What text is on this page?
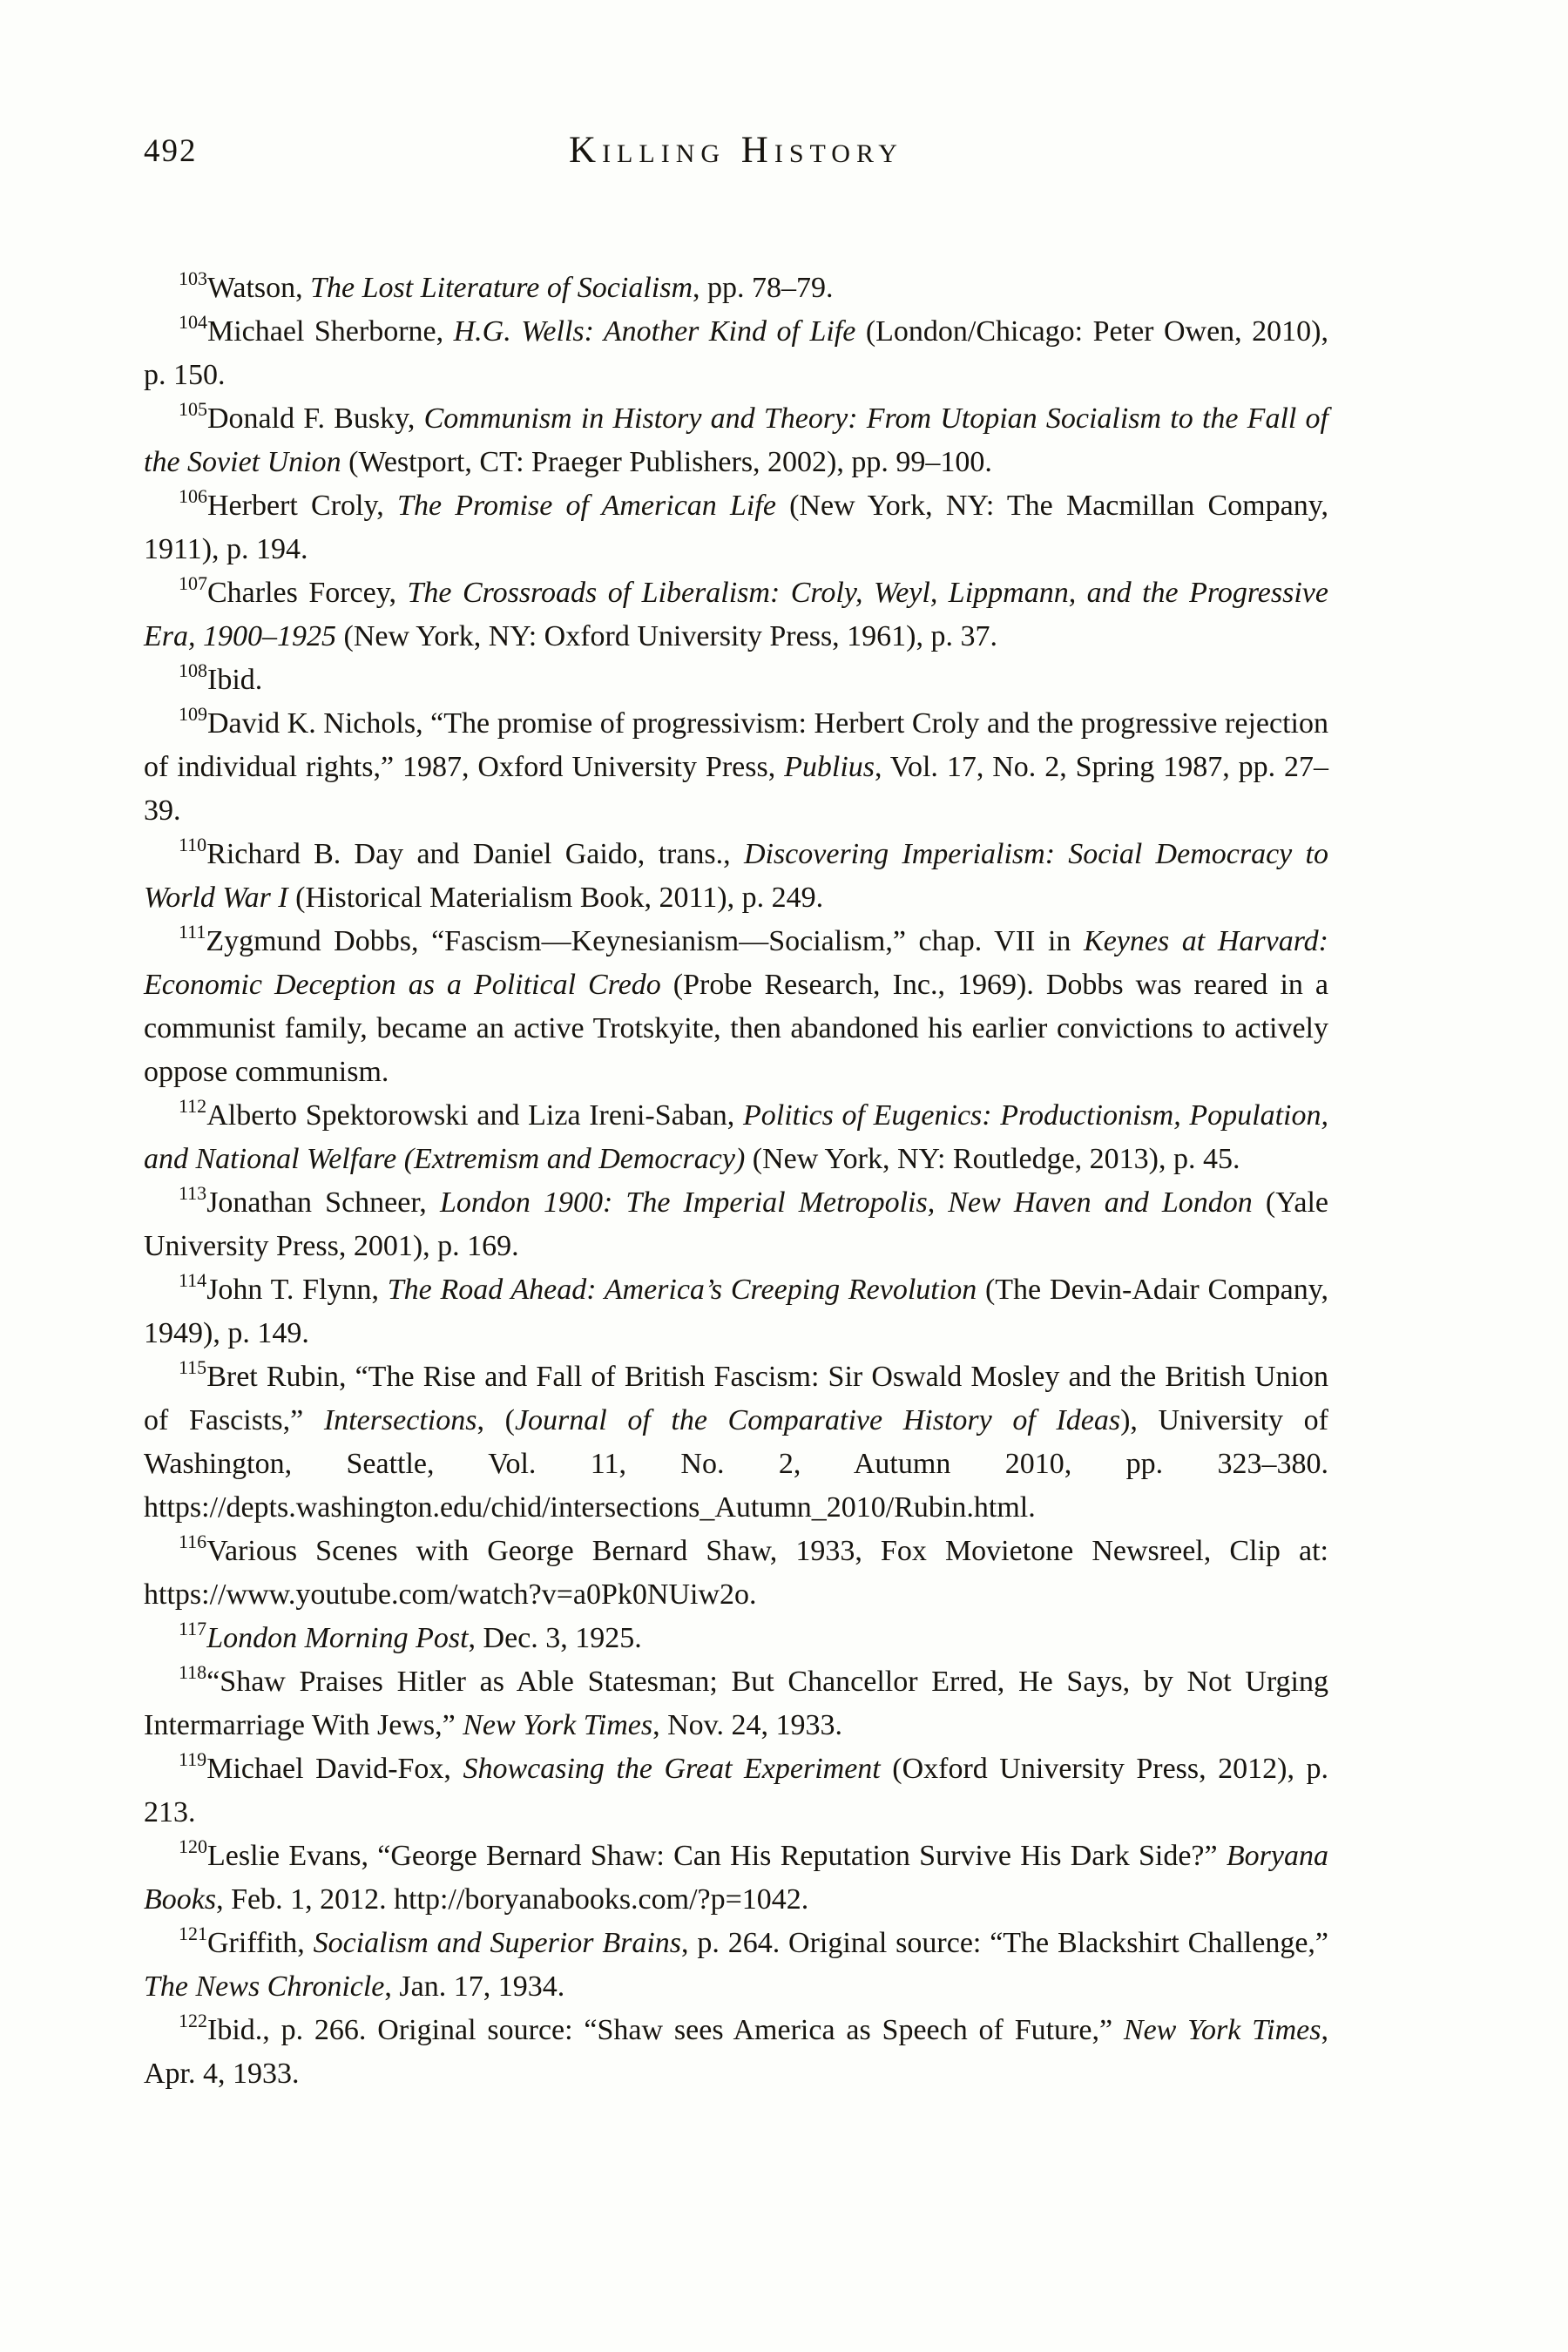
492	Killing History

$^{103}$Watson, The Lost Literature of Socialism, pp. 78–79.

$^{104}$Michael Sherborne, H.G. Wells: Another Kind of Life (London/Chicago: Peter Owen, 2010), p. 150.

$^{105}$Donald F. Busky, Communism in History and Theory: From Utopian Socialism to the Fall of the Soviet Union (Westport, CT: Praeger Publishers, 2002), pp. 99–100.

$^{106}$Herbert Croly, The Promise of American Life (New York, NY: The Macmillan Company, 1911), p. 194.

$^{107}$Charles Forcey, The Crossroads of Liberalism: Croly, Weyl, Lippmann, and the Progressive Era, 1900–1925 (New York, NY: Oxford University Press, 1961), p. 37.

$^{108}$Ibid.

$^{109}$David K. Nichols, “The promise of progressivism: Herbert Croly and the progressive rejection of individual rights,” 1987, Oxford University Press, Publius, Vol. 17, No. 2, Spring 1987, pp. 27–39.

$^{110}$Richard B. Day and Daniel Gaido, trans., Discovering Imperialism: Social Democracy to World War I (Historical Materialism Book, 2011), p. 249.

$^{111}$Zygmund Dobbs, “Fascism—Keynesianism—Socialism,” chap. VII in Keynes at Harvard: Economic Deception as a Political Credo (Probe Research, Inc., 1969). Dobbs was reared in a communist family, became an active Trotskyite, then abandoned his earlier convictions to actively oppose communism.

$^{112}$Alberto Spektorowski and Liza Ireni-Saban, Politics of Eugenics: Productionism, Population, and National Welfare (Extremism and Democracy) (New York, NY: Routledge, 2013), p. 45.

$^{113}$Jonathan Schneer, London 1900: The Imperial Metropolis, New Haven and London (Yale University Press, 2001), p. 169.

$^{114}$John T. Flynn, The Road Ahead: America’s Creeping Revolution (The Devin-Adair Company, 1949), p. 149.

$^{115}$Bret Rubin, “The Rise and Fall of British Fascism: Sir Oswald Mosley and the British Union of Fascists,” Intersections, (Journal of the Comparative History of Ideas), University of Washington, Seattle, Vol. 11, No. 2, Autumn 2010, pp. 323–380. https://depts.washington.edu/chid/intersections_Autumn_2010/Rubin.html.

$^{116}$Various Scenes with George Bernard Shaw, 1933, Fox Movietone Newsreel, Clip at: https://www.youtube.com/watch?v=a0Pk0NUiw2o.

$^{117}$London Morning Post, Dec. 3, 1925.

$^{118}$“Shaw Praises Hitler as Able Statesman; But Chancellor Erred, He Says, by Not Urging Intermarriage With Jews,” New York Times, Nov. 24, 1933.

$^{119}$Michael David-Fox, Showcasing the Great Experiment (Oxford University Press, 2012), p. 213.

$^{120}$Leslie Evans, “George Bernard Shaw: Can His Reputation Survive His Dark Side?” Boryana Books, Feb. 1, 2012. http://boryanabooks.com/?p=1042.

$^{121}$Griffith, Socialism and Superior Brains, p. 264. Original source: “The Blackshirt Challenge,” The News Chronicle, Jan. 17, 1934.

$^{122}$Ibid., p. 266. Original source: “Shaw sees America as Speech of Future,” New York Times, Apr. 4, 1933.
